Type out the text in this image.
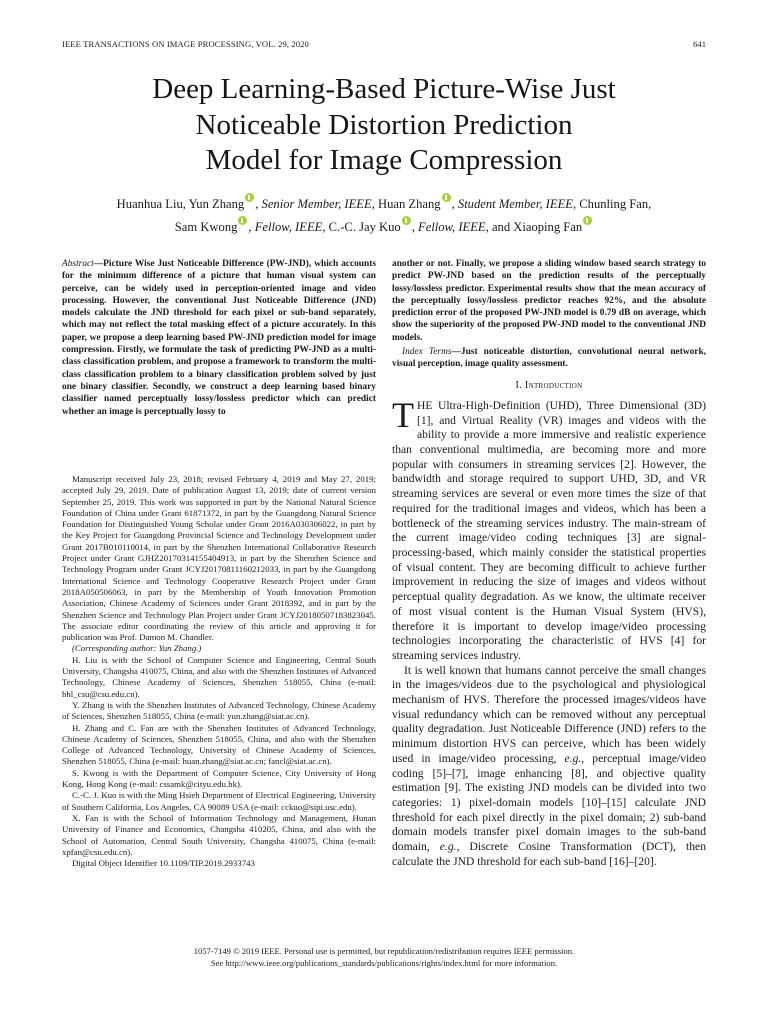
IEEE TRANSACTIONS ON IMAGE PROCESSING, VOL. 29, 2020	641
Deep Learning-Based Picture-Wise Just
Noticeable Distortion Prediction
Model for Image Compression
Huanhua Liu, Yun Zhang , Senior Member, IEEE, Huan Zhang , Student Member, IEEE, Chunling Fan,
Sam Kwong , Fellow, IEEE, C.-C. Jay Kuo , Fellow, IEEE, and Xiaoping Fan
Abstract—Picture Wise Just Noticeable Difference (PW-JND), which accounts for the minimum difference of a picture that human visual system can perceive, can be widely used in perception-oriented image and video processing. However, the conventional Just Noticeable Difference (JND) models calculate the JND threshold for each pixel or sub-band separately, which may not reflect the total masking effect of a picture accurately. In this paper, we propose a deep learning based PW-JND prediction model for image compression. Firstly, we formulate the task of predicting PW-JND as a multi-class classification problem, and propose a framework to transform the multi-class classification problem to a binary classification problem solved by just one binary classifier. Secondly, we construct a deep learning based binary classifier named perceptually lossy/lossless predictor which can predict whether an image is perceptually lossy to

Manuscript received July 23, 2018; revised February 4, 2019 and May 27, 2019; accepted July 29, 2019. Date of publication August 13, 2019; date of current version September 25, 2019. This work was supported in part by the National Natural Science Foundation of China under Grant 61871372, in part by the Guangdong Natural Science Foundation for Distinguished Young Scholar under Grant 2016A030306022, in part by the Key Project for Guangdong Provincial Science and Technology Development under Grant 2017B010110014, in part by the Shenzhen International Collaborative Research Project under Grant GJHZ20170314155404913, in part by the Shenzhen Science and Technology Program under Grant JCYJ20170811160212033, in part by the Guangdong International Science and Technology Cooperative Research Project under Grant 2018A050506063, in part by the Membership of Youth Innovation Promotion Association, Chinese Academy of Sciences under Grant 2018392, and in part by the Shenzhen Science and Technology Plan Project under Grant JCYJ20180507183823045. The associate editor coordinating the review of this article and approving it for publication was Prof. Damon M. Chandler.

(Corresponding author: Yun Zhang.)

H. Liu is with the School of Computer Science and Engineering, Central South University, Changsha 410075, China, and also with the Shenzhen Institutes of Advanced Technology, Chinese Academy of Sciences, Shenzhen 518055, China (e-mail: hhl_csu@csu.edu.cn).

Y. Zhang is with the Shenzhen Institutes of Advanced Technology, Chinese Academy of Sciences, Shenzhen 518055, China (e-mail: yun.zhang@siat.ac.cn).

H. Zhang and C. Fan are with the Shenzhen Institutes of Advanced Technology, Chinese Academy of Sciences, Shenzhen 518055, China, and also with the Shenzhen College of Advanced Technology, University of Chinese Academy of Sciences, Shenzhen 518055, China (e-mail: huan.zhang@siat.ac.cn; fancl@siat.ac.cn).

S. Kwong is with the Department of Computer Science, City University of Hong Kong, Hong Kong (e-mail: cssamk@cityu.edu.hk).

C.-C. J. Kuo is with the Ming Hsieh Department of Electrical Engineering, University of Southern California, Los Angeles, CA 90089 USA (e-mail: cckuo@sipi.usc.edu).

X. Fan is with the School of Information Technology and Management, Hunan University of Finance and Economics, Changsha 410205, China, and also with the School of Automation, Central South University, Changsha 410075, China (e-mail: xpfan@csu.edu.cn).

Digital Object Identifier 10.1109/TIP.2019.2933743

another or not. Finally, we propose a sliding window based search strategy to predict PW-JND based on the prediction results of the perceptually lossy/lossless predictor. Experimental results show that the mean accuracy of the perceptually lossy/lossless predictor reaches 92%, and the absolute prediction error of the proposed PW-JND model is 0.79 dB on average, which show the superiority of the proposed PW-JND model to the conventional JND models.
Index Terms—Just noticeable distortion, convolutional neural network, visual perception, image quality assessment.
I. Introduction

THE Ultra-High-Definition (UHD), Three Dimensional (3D) [1], and Virtual Reality (VR) images and videos with the ability to provide a more immersive and realistic experience than conventional multimedia, are becoming more and more popular with consumers in streaming services [2]. However, the bandwidth and storage required to support UHD, 3D, and VR streaming services are several or even more times the size of that required for the traditional images and videos, which has been a bottleneck of the streaming services industry. The main-stream of the current image/video coding techniques [3] are signal-processing-based, which mainly consider the statistical properties of visual content. They are becoming difficult to achieve further improvement in reducing the size of images and videos without perceptual quality degradation. As we know, the ultimate receiver of most visual content is the Human Visual System (HVS), therefore it is important to develop image/video processing technologies incorporating the characteristic of HVS [4] for streaming services industry.

It is well known that humans cannot perceive the small changes in the images/videos due to the psychological and physiological mechanism of HVS. Therefore the processed images/videos have visual redundancy which can be removed without any perceptual quality degradation. Just Noticeable Difference (JND) refers to the minimum distortion HVS can perceive, which has been widely used in image/video processing, e.g., perceptual image/video coding [5]–[7], image enhancing [8], and objective quality estimation [9]. The existing JND models can be divided into two categories: 1) pixel-domain models [10]–[15] calculate JND threshold for each pixel directly in the pixel domain; 2) sub-band domain models transfer pixel domain images to the sub-band domain, e.g., Discrete Cosine Transformation (DCT), then calculate the JND threshold for each sub-band [16]–[20].

1057-7149 © 2019 IEEE. Personal use is permitted, but republication/redistribution requires IEEE permission.
See http://www.ieee.org/publications_standards/publications/rights/index.html for more information.
